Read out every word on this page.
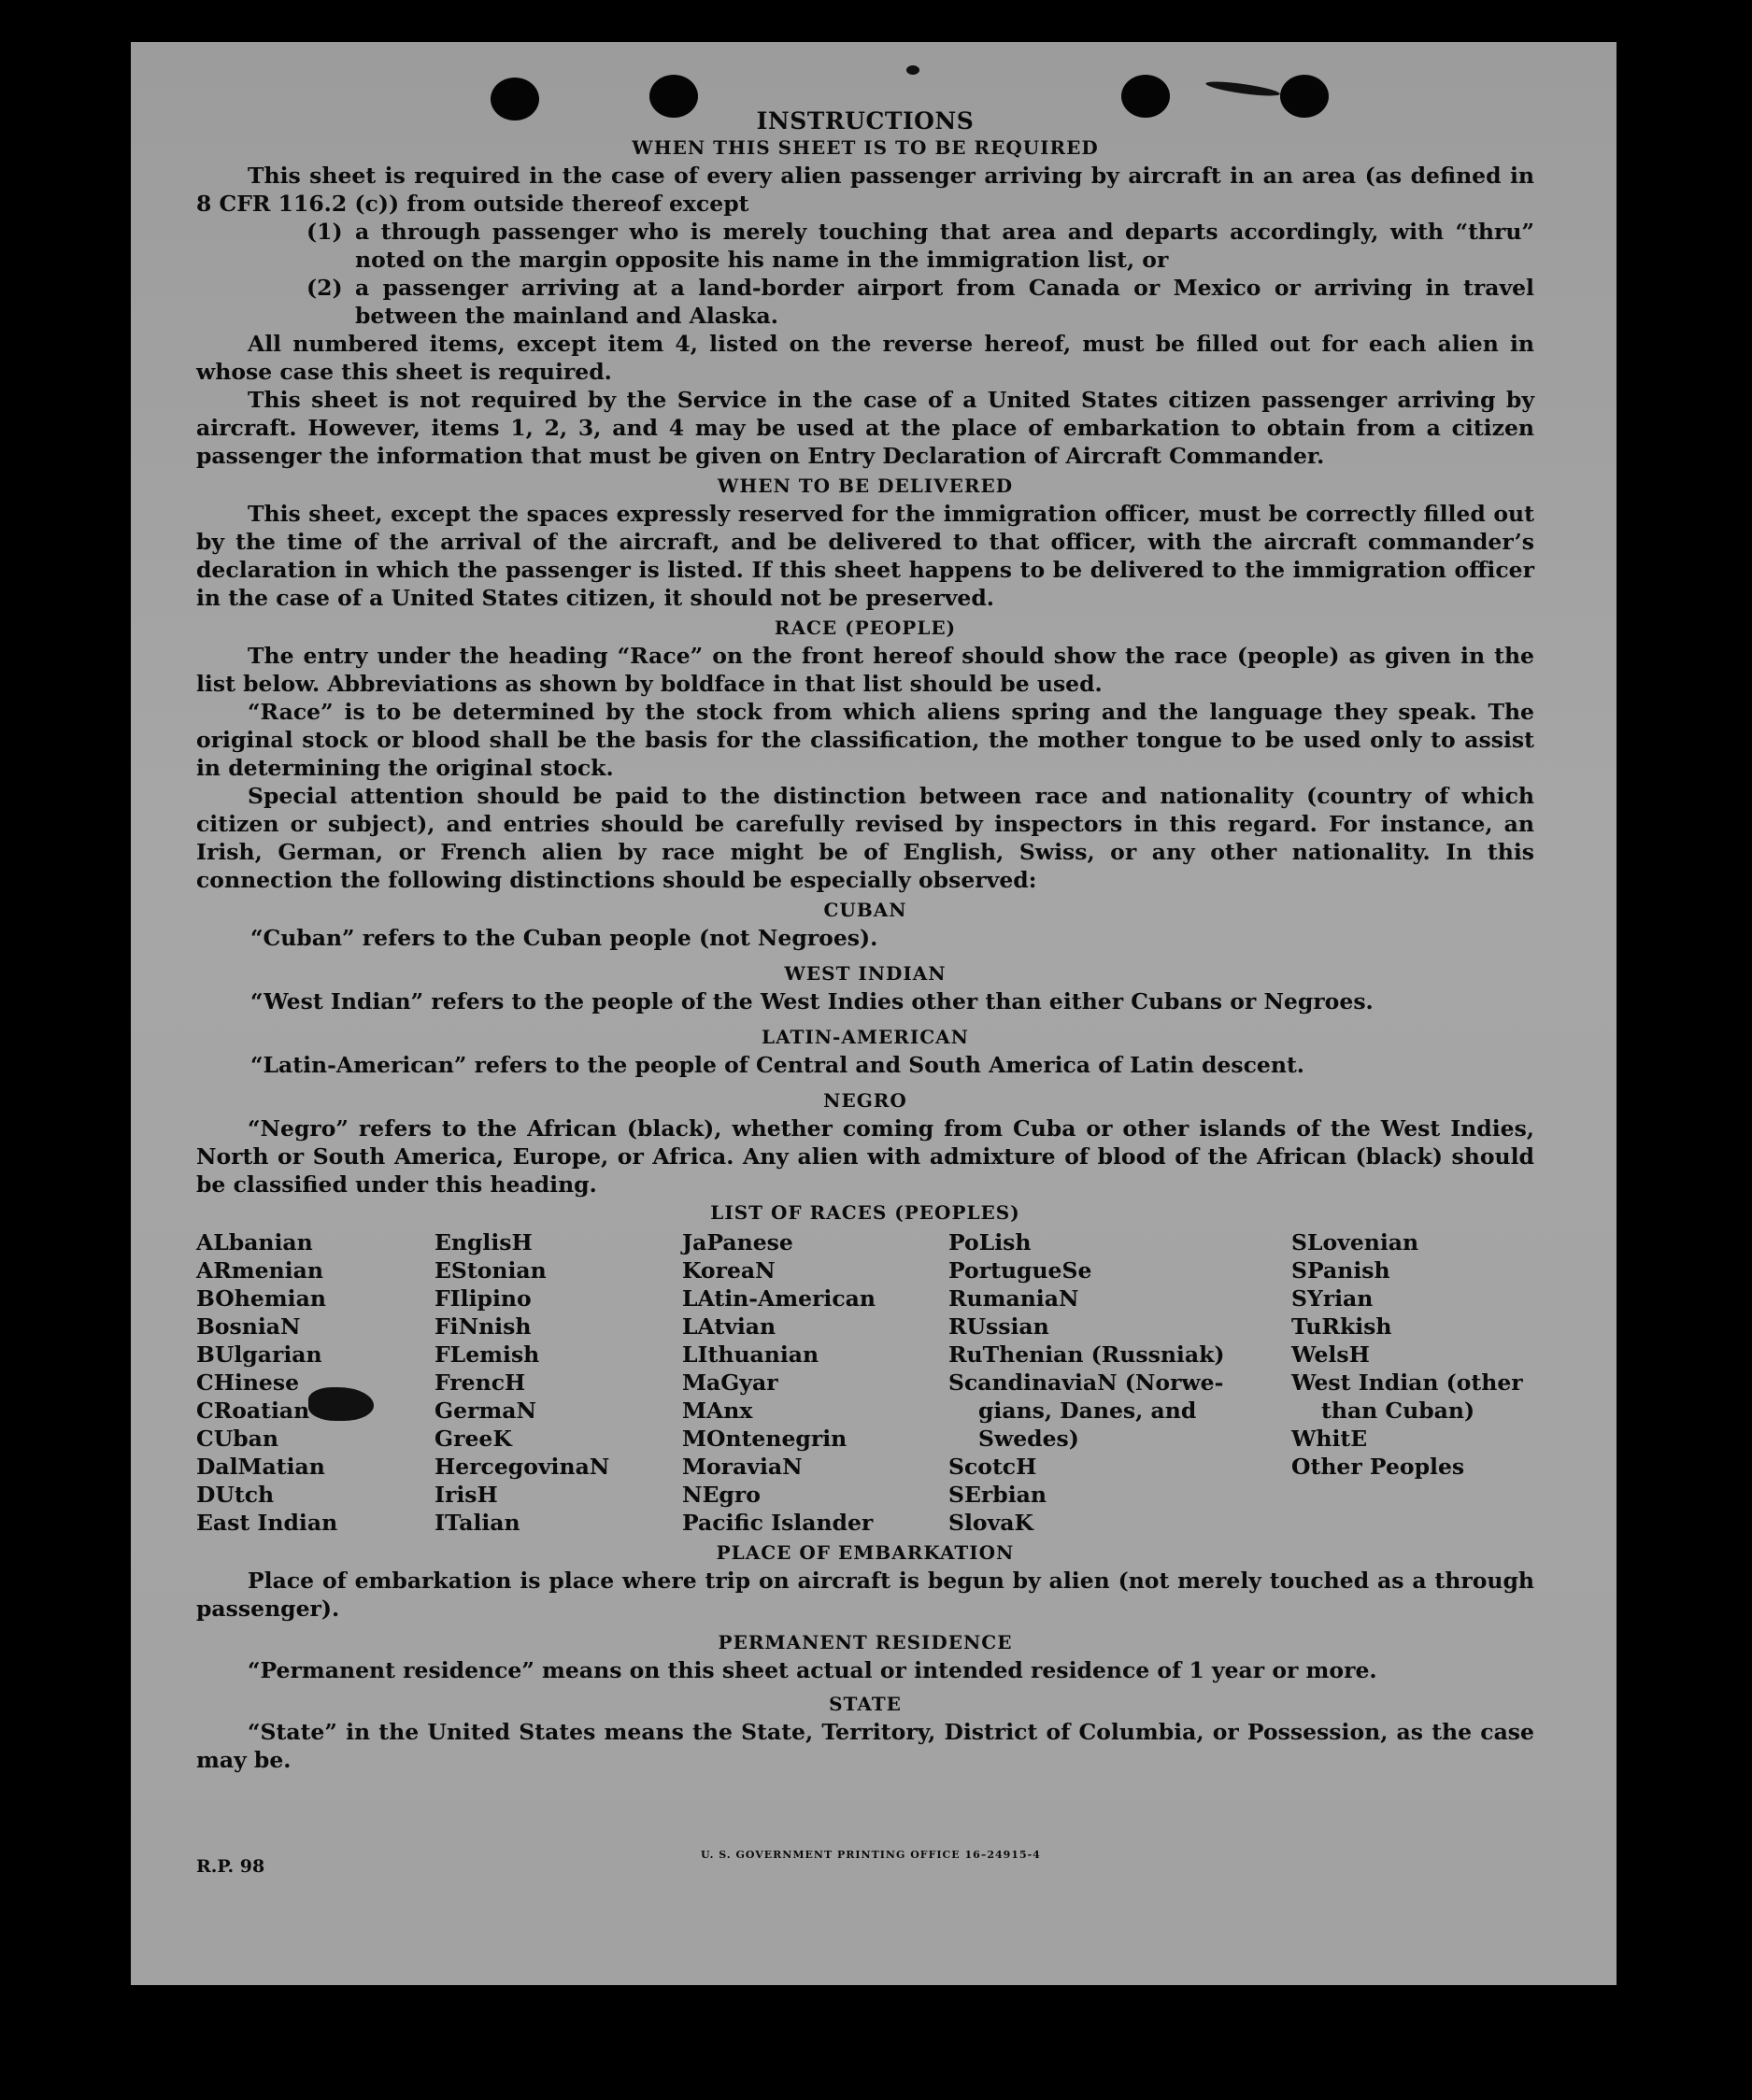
INSTRUCTIONS
WHEN THIS SHEET IS TO BE REQUIRED

This sheet is required in the case of every alien passenger arriving by aircraft in an area (as defined in 8 CFR 116.2 (c)) from outside thereof except

(1) a through passenger who is merely touching that area and departs accordingly, with “thru” noted on the margin opposite his name in the immigration list, or
(2) a passenger arriving at a land-border airport from Canada or Mexico or arriving in travel between the mainland and Alaska.

All numbered items, except item 4, listed on the reverse hereof, must be filled out for each alien in whose case this sheet is required.

This sheet is not required by the Service in the case of a United States citizen passenger arriving by aircraft. However, items 1, 2, 3, and 4 may be used at the place of embarkation to obtain from a citizen passenger the information that must be given on Entry Declaration of Aircraft Commander.

WHEN TO BE DELIVERED

This sheet, except the spaces expressly reserved for the immigration officer, must be correctly filled out by the time of the arrival of the aircraft, and be delivered to that officer, with the aircraft commander’s declaration in which the passenger is listed. If this sheet happens to be delivered to the immigration officer in the case of a United States citizen, it should not be preserved.

RACE (PEOPLE)

The entry under the heading “Race” on the front hereof should show the race (people) as given in the list below. Abbreviations as shown by boldface in that list should be used.

“Race” is to be determined by the stock from which aliens spring and the language they speak. The original stock or blood shall be the basis for the classification, the mother tongue to be used only to assist in determining the original stock.

Special attention should be paid to the distinction between race and nationality (country of which citizen or subject), and entries should be carefully revised by inspectors in this regard. For instance, an Irish, German, or French alien by race might be of English, Swiss, or any other nationality. In this connection the following distinctions should be especially observed:

CUBAN

“Cuban” refers to the Cuban people (not Negroes).

WEST INDIAN

“West Indian” refers to the people of the West Indies other than either Cubans or Negroes.

LATIN-AMERICAN

“Latin-American” refers to the people of Central and South America of Latin descent.

NEGRO

“Negro” refers to the African (black), whether coming from Cuba or other islands of the West Indies, North or South America, Europe, or Africa. Any alien with admixture of blood of the African (black) should be classified under this heading.

LIST OF RACES (PEOPLES)
ALbanian
ARmenian
BOhemian
BosniaN
BUlgarian
CHinese
CRoatian
CUban
DalMatian
DUtch
East Indian
EnglisH
EStonian
FIlipino
FiNnish
FLemish
FrencH
GermaN
GreeK
HercegovinaN
IrisH
ITalian
JaPanese
KoreaN
LAtin-American
LAtvian
LIthuanian
MaGyar
MAnx
MOntenegrin
MoraviaN
NEgro
Pacific Islander
PoLish
PortugueSe
RumaniaN
RUssian
RuThenian (Russniak)
ScandinaviaN (Norwe-
gians, Danes, and
Swedes)
ScotcH
SErbian
SlovaK
SLovenian
SPanish
SYrian
TuRkish
WelsH
West Indian (other
than Cuban)
WhitE
Other Peoples
PLACE OF EMBARKATION

Place of embarkation is place where trip on aircraft is begun by alien (not merely touched as a through passenger).

PERMANENT RESIDENCE

“Permanent residence” means on this sheet actual or intended residence of 1 year or more.

STATE

“State” in the United States means the State, Territory, District of Columbia, or Possession, as the case may be.

R.P. 98
U. S. GOVERNMENT PRINTING OFFICE 16–24915-4
